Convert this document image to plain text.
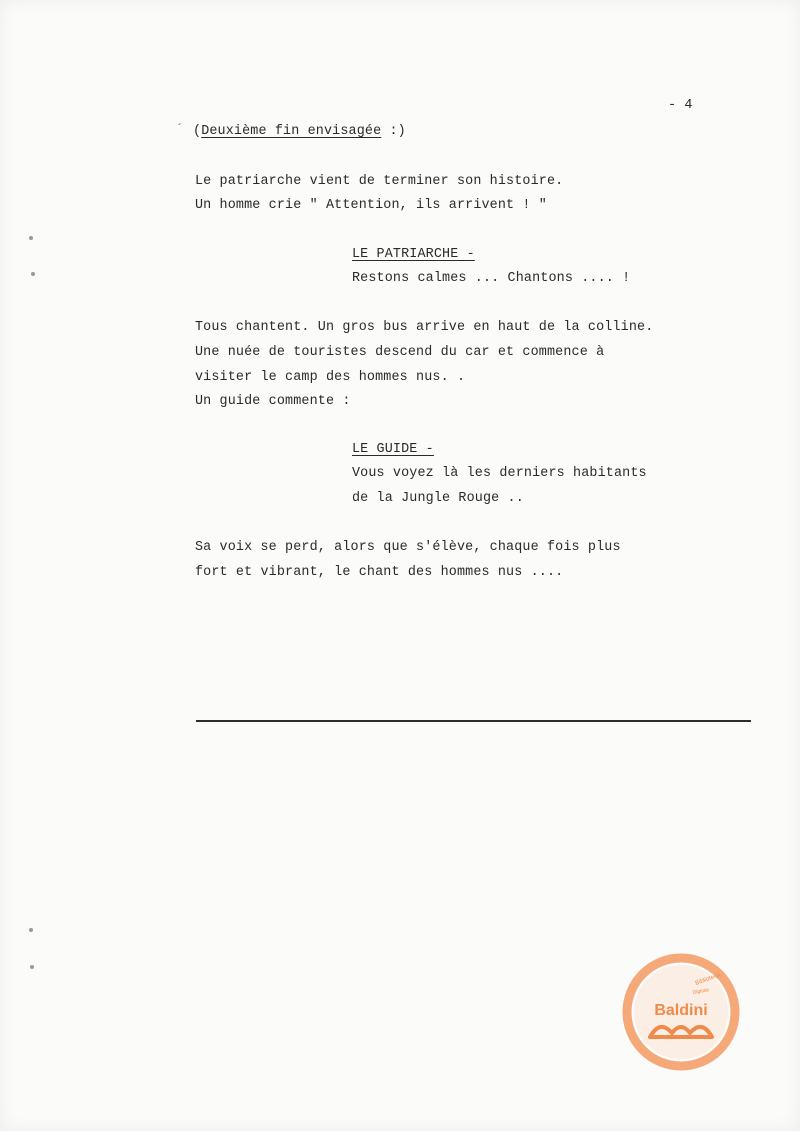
- 4
´ (Deuxième fin envisagée :)
Le patriarche vient de terminer son histoire.
Un homme crie " Attention, ils arrivent ! "
LE PATRIARCHE -
Restons calmes ... Chantons .... !
Tous chantent. Un gros bus arrive en haut de la colline.
Une nuée de touristes descend du car et commence à
visiter le camp des hommes nus. .
Un guide commente :
LE GUIDE -
Vous voyez là les derniers habitants
de la Jungle Rouge ..
Sa voix se perd, alors que s'élève, chaque fois plus
fort et vibrant, le chant des hommes nus ....
Biblioteca
Digitale
Baldini
